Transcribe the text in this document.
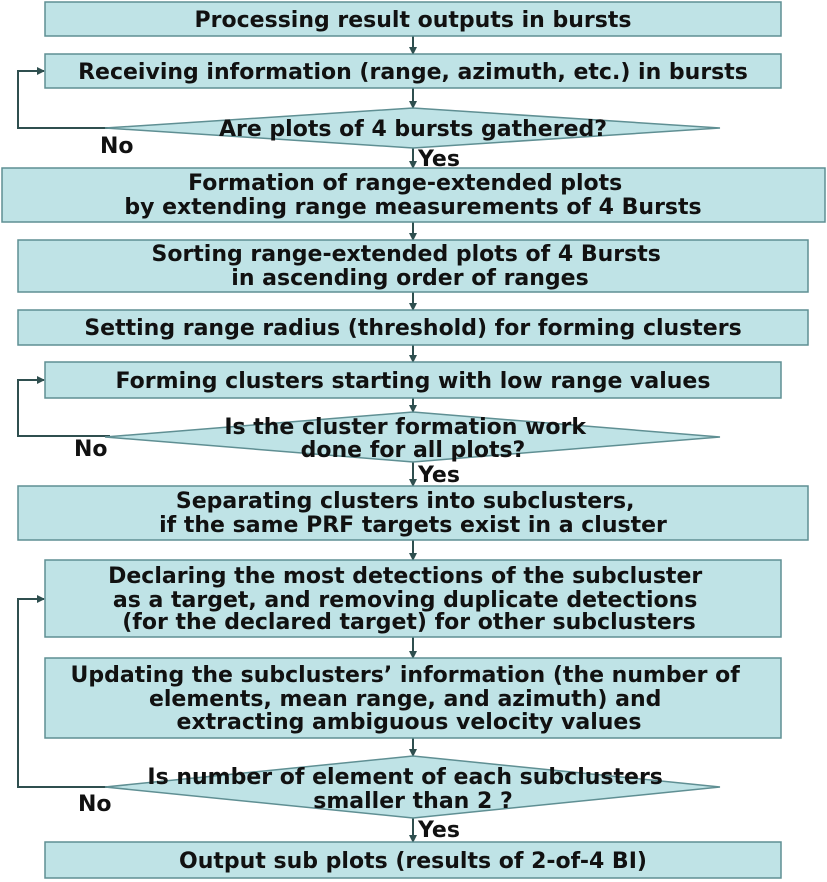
Processing result outputs in bursts
Receiving information (range, azimuth, etc.) in bursts
Are plots of 4 bursts gathered?
Formation of range-extended plots by extending range measurements of 4 Bursts
Sorting range-extended plots of 4 Bursts in ascending order of ranges
Setting range radius (threshold) for forming clusters
Forming clusters starting with low range values
Is the cluster formation work done for all plots?
Separating clusters into subclusters, if the same PRF targets exist in a cluster
Declaring the most detections of the subcluster as a target, and removing duplicate detections (for the declared target) for other subclusters
Updating the subclusters’ information (the number of elements, mean range, and azimuth) and extracting ambiguous velocity values
Is number of element of each subclusters smaller than 2 ?
Output sub plots (results of 2-of-4 BI)
No
Yes
No
Yes
No
Yes
